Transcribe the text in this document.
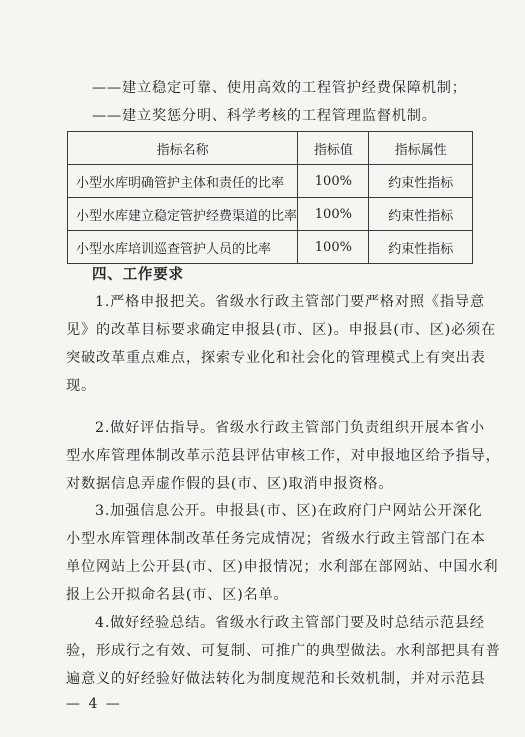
——建立稳定可靠、使用高效的工程管护经费保障机制；
——建立奖惩分明、科学考核的工程管理监督机制。
指标名称	指标值	指标属性
小型水库明确管护主体和责任的比率	100%	约束性指标
小型水库建立稳定管护经费渠道的比率	100%	约束性指标
小型水库培训巡查管护人员的比率	100%	约束性指标
四、工作要求
1.严格申报把关。省级水行政主管部门要严格对照《指导意
见》的改革目标要求确定申报县(市、区)。申报县(市、区)必须在
突破改革重点难点，探索专业化和社会化的管理模式上有突出表
现。
2.做好评估指导。省级水行政主管部门负责组织开展本省小
型水库管理体制改革示范县评估审核工作，对申报地区给予指导，
对数据信息弄虚作假的县(市、区)取消申报资格。
3.加强信息公开。申报县(市、区)在政府门户网站公开深化
小型水库管理体制改革任务完成情况；省级水行政主管部门在本
单位网站上公开县(市、区)申报情况；水利部在部网站、中国水利
报上公开拟命名县(市、区)名单。
4.做好经验总结。省级水行政主管部门要及时总结示范县经
验，形成行之有效、可复制、可推广的典型做法。水利部把具有普
遍意义的好经验好做法转化为制度规范和长效机制，并对示范县
— 4 —
